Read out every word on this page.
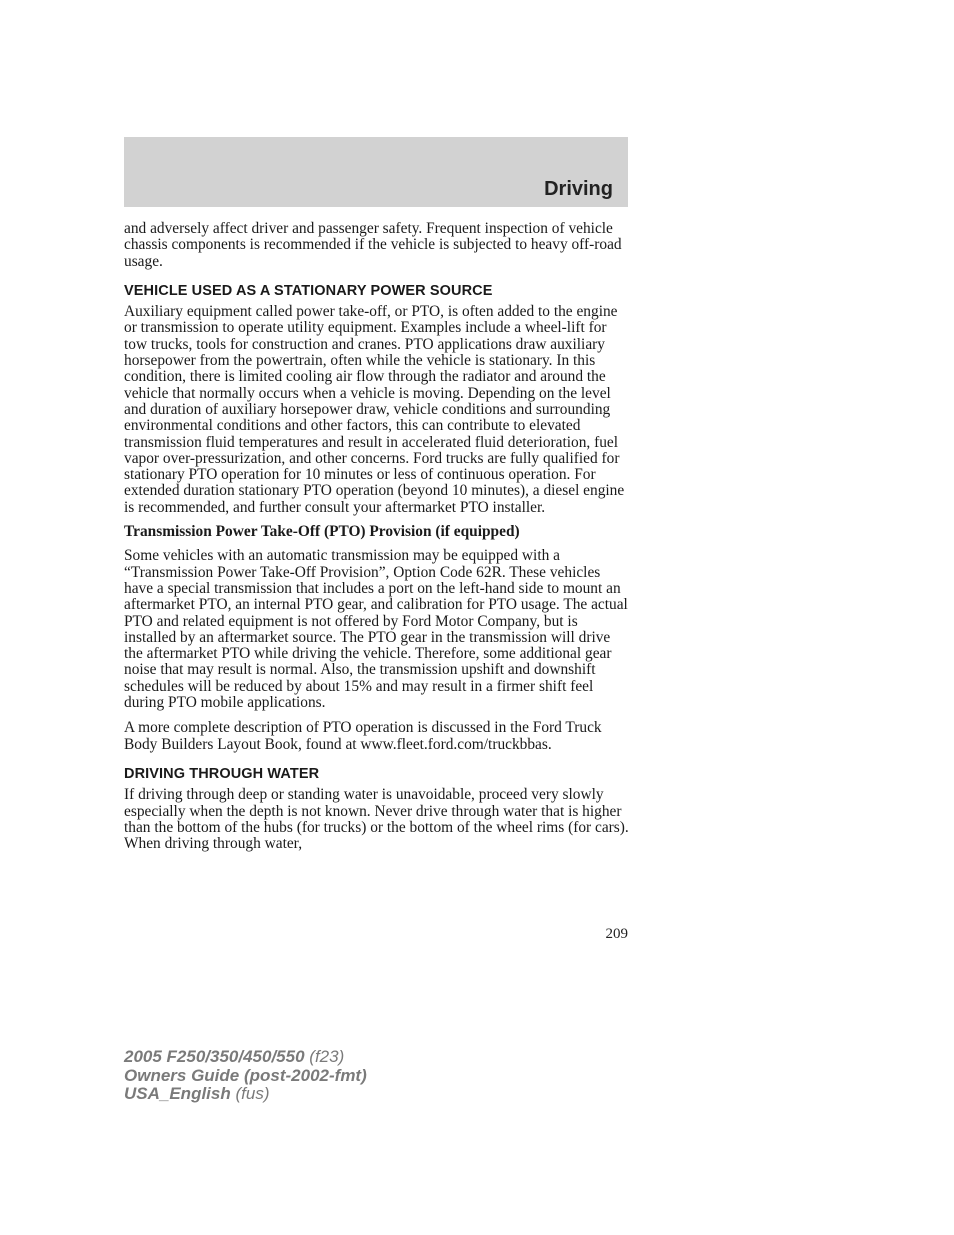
Driving

and adversely affect driver and passenger safety. Frequent inspection of vehicle chassis components is recommended if the vehicle is subjected to heavy off-road usage.

VEHICLE USED AS A STATIONARY POWER SOURCE

Auxiliary equipment called power take-off, or PTO, is often added to the engine or transmission to operate utility equipment. Examples include a wheel-lift for tow trucks, tools for construction and cranes. PTO applications draw auxiliary horsepower from the powertrain, often while the vehicle is stationary. In this condition, there is limited cooling air flow through the radiator and around the vehicle that normally occurs when a vehicle is moving. Depending on the level and duration of auxiliary horsepower draw, vehicle conditions and surrounding environmental conditions and other factors, this can contribute to elevated transmission fluid temperatures and result in accelerated fluid deterioration, fuel vapor over-pressurization, and other concerns. Ford trucks are fully qualified for stationary PTO operation for 10 minutes or less of continuous operation. For extended duration stationary PTO operation (beyond 10 minutes), a diesel engine is recommended, and further consult your aftermarket PTO installer.

Transmission Power Take-Off (PTO) Provision (if equipped)

Some vehicles with an automatic transmission may be equipped with a “Transmission Power Take-Off Provision”, Option Code 62R. These vehicles have a special transmission that includes a port on the left-hand side to mount an aftermarket PTO, an internal PTO gear, and calibration for PTO usage. The actual PTO and related equipment is not offered by Ford Motor Company, but is installed by an aftermarket source. The PTO gear in the transmission will drive the aftermarket PTO while driving the vehicle. Therefore, some additional gear noise that may result is normal. Also, the transmission upshift and downshift schedules will be reduced by about 15% and may result in a firmer shift feel during PTO mobile applications.

A more complete description of PTO operation is discussed in the Ford Truck Body Builders Layout Book, found at www.fleet.ford.com/truckbbas.

DRIVING THROUGH WATER

If driving through deep or standing water is unavoidable, proceed very slowly especially when the depth is not known. Never drive through water that is higher than the bottom of the hubs (for trucks) or the bottom of the wheel rims (for cars). When driving through water,

209
2005 F250/350/450/550 (f23)
Owners Guide (post-2002-fmt)
USA_English (fus)
